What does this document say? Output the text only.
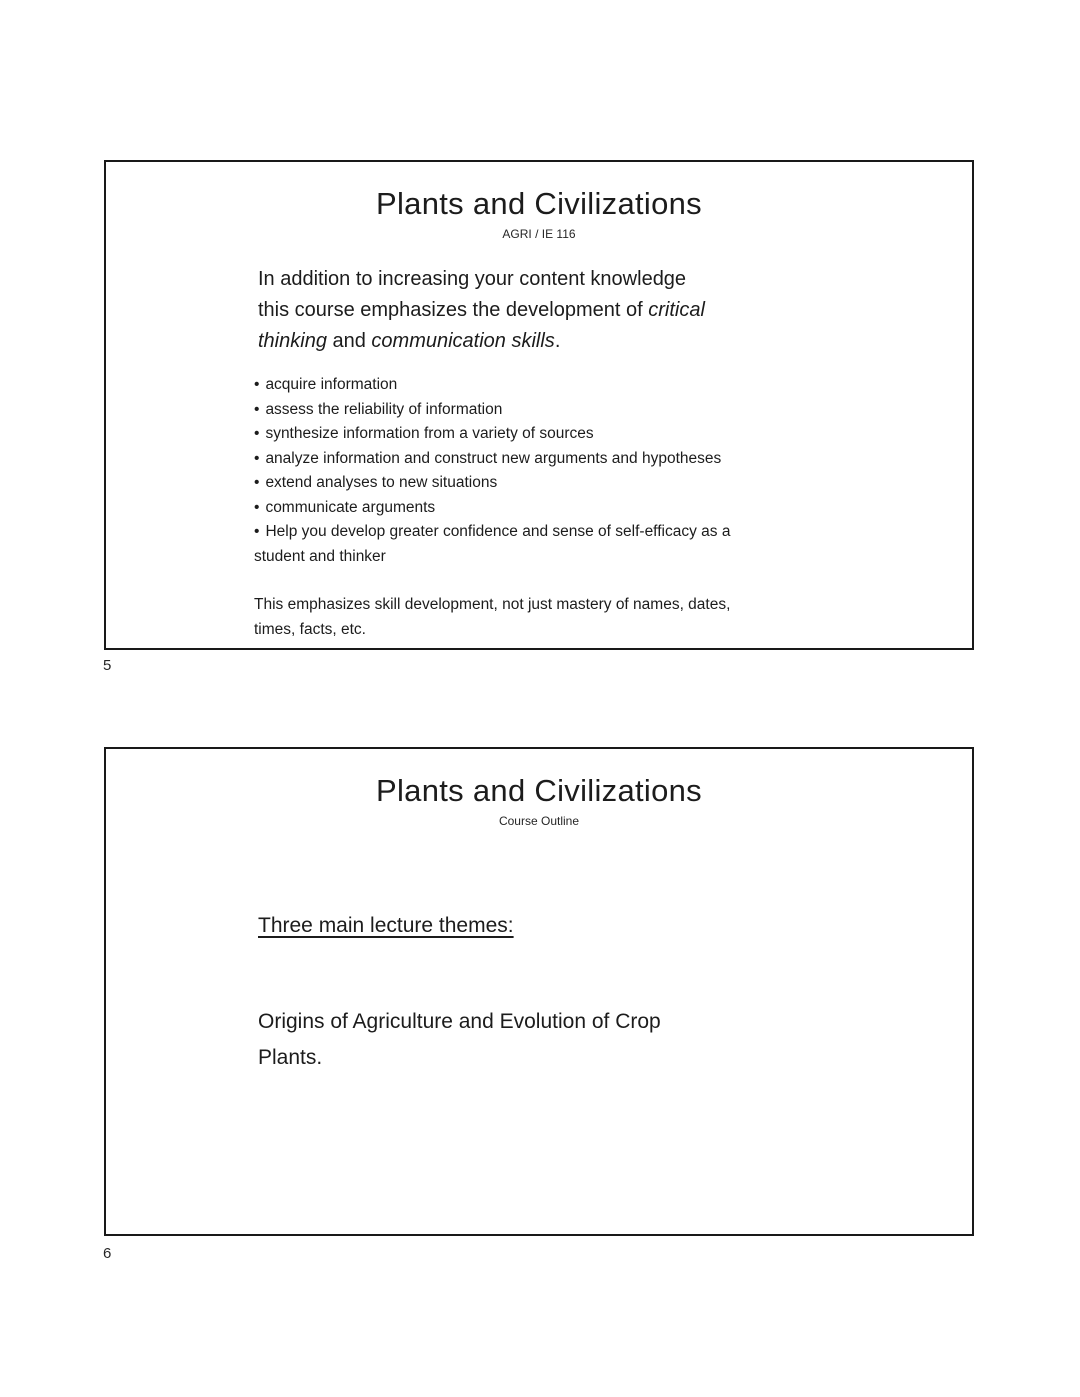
Plants and Civilizations
AGRI / IE 116
In addition to increasing your content knowledge
this course emphasizes the development of critical
thinking and communication skills.
• acquire information
• assess the reliability of information
• synthesize information from a variety of sources
• analyze information and construct new arguments and hypotheses
• extend analyses to new situations
• communicate arguments
• Help you develop greater confidence and sense of self-efficacy as a
student and thinker
This emphasizes skill development, not just mastery of names, dates,
times, facts, etc.
5
Plants and Civilizations
Course Outline
Three main lecture themes:
Origins of Agriculture and Evolution of Crop
Plants.
6
